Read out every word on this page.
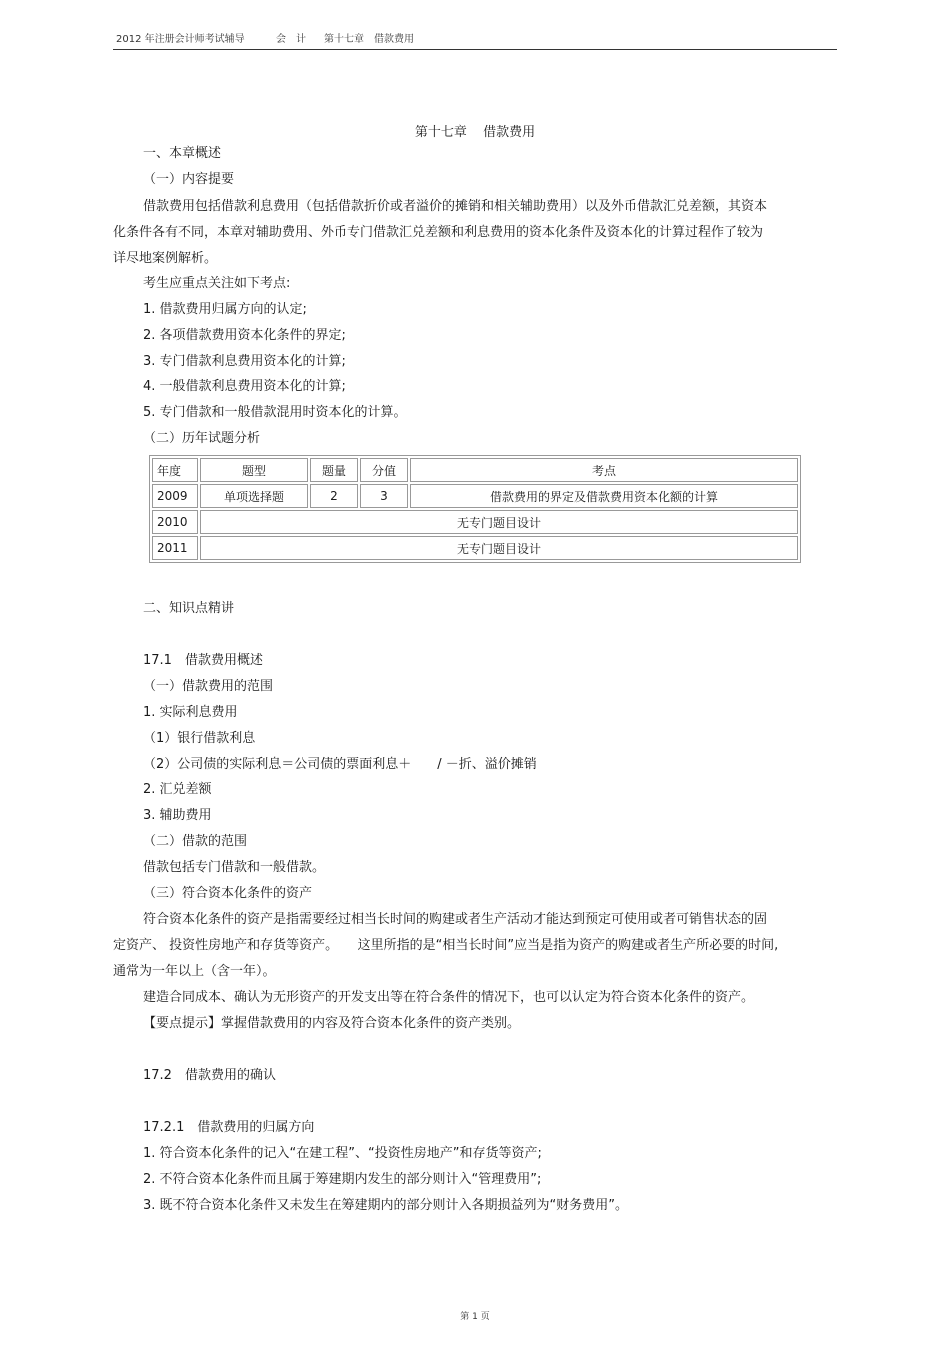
2012 年注册会计师考试辅导	会　计 第十七章　借款费用
第十七章 借款费用
一、本章概述
（一）内容提要
借款费用包括借款利息费用（包括借款折价或者溢价的摊销和相关辅助费用）以及外币借款汇兑差额，其资本
化条件各有不同，本章对辅助费用、外币专门借款汇兑差额和利息费用的资本化条件及资本化的计算过程作了较为
详尽地案例解析。
考生应重点关注如下考点:
1. 借款费用归属方向的认定;
2. 各项借款费用资本化条件的界定;
3. 专门借款利息费用资本化的计算;
4. 一般借款利息费用资本化的计算;
5. 专门借款和一般借款混用时资本化的计算。
（二）历年试题分析
年度	题型	题量	分值	考点
2009	单项选择题	2	3	借款费用的界定及借款费用资本化额的计算
2010	无专门题目设计			
2011	无专门题目设计			
二、知识点精讲
17.1　借款费用概述
（一）借款费用的范围
1. 实际利息费用
（1）银行借款利息
（2）公司债的实际利息＝公司债的票面利息＋　　/ －折、溢价摊销
2. 汇兑差额
3. 辅助费用
（二）借款的范围
借款包括专门借款和一般借款。
（三）符合资本化条件的资产
符合资本化条件的资产是指需要经过相当长时间的购建或者生产活动才能达到预定可使用或者可销售状态的固
定资产、 投资性房地产和存货等资产。　　这里所指的是“相当长时间”应当是指为资产的购建或者生产所必要的时间,
通常为一年以上（含一年）。
建造合同成本、确认为无形资产的开发支出等在符合条件的情况下，也可以认定为符合资本化条件的资产。
【要点提示】掌握借款费用的内容及符合资本化条件的资产类别。
17.2　借款费用的确认
17.2.1　借款费用的归属方向
1. 符合资本化条件的记入“在建工程”、“投资性房地产”和存货等资产;
2. 不符合资本化条件而且属于筹建期内发生的部分则计入“管理费用”;
3. 既不符合资本化条件又未发生在筹建期内的部分则计入各期损益列为“财务费用”。
第 1 页
